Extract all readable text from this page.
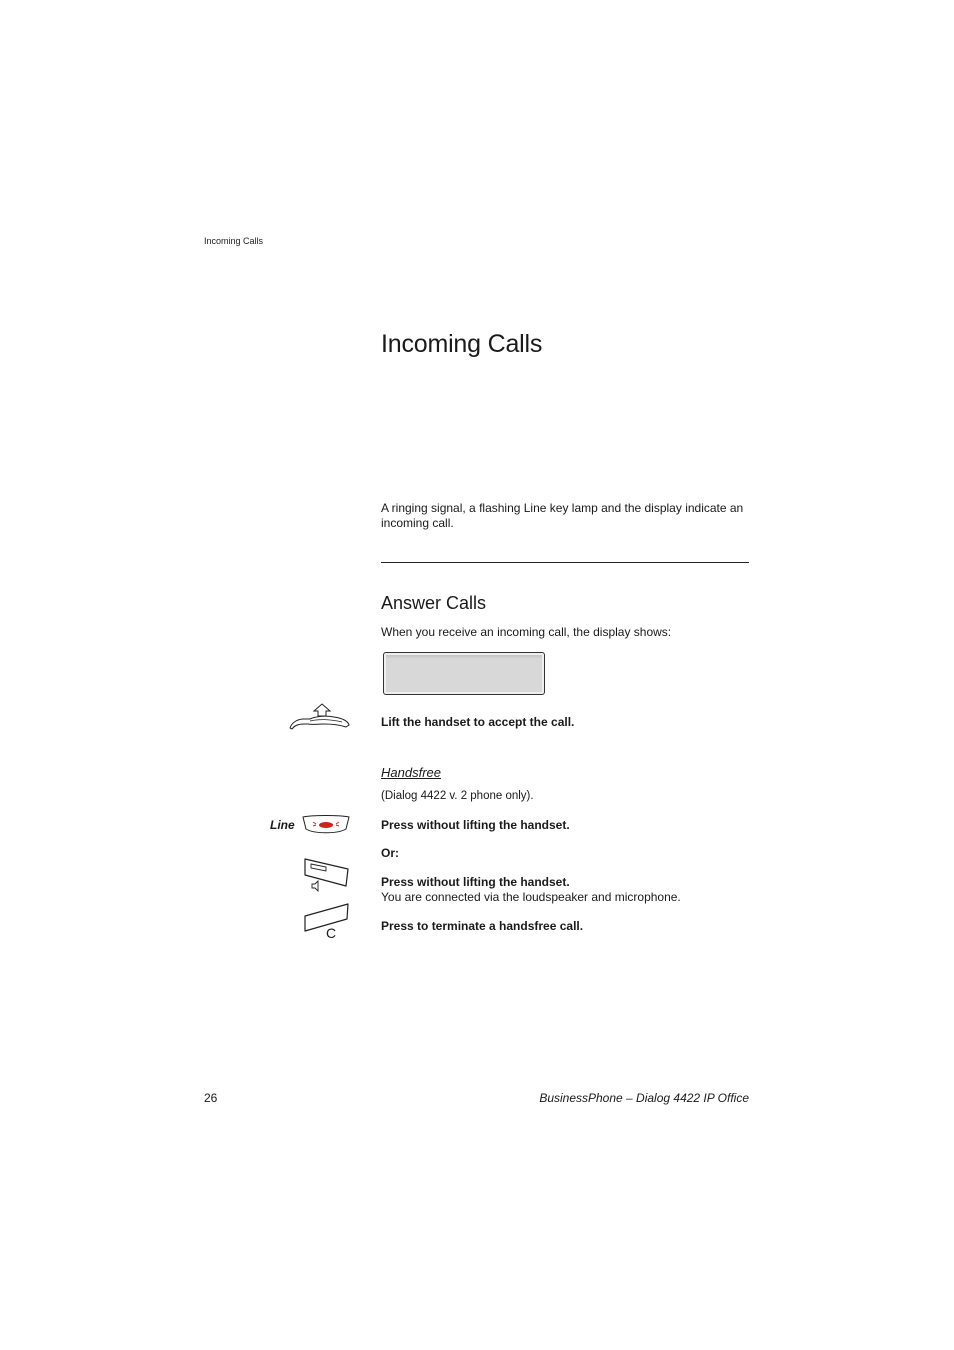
Incoming Calls
Incoming Calls
A ringing signal, a flashing Line key lamp and the display indicate an incoming call.
Answer Calls
When you receive an incoming call, the display shows:
Lift the handset to accept the call.
Handsfree
(Dialog 4422 v. 2 phone only).
Line	Press without lifting the handset.
Or:
Press without lifting the handset.
You are connected via the loudspeaker and microphone.
C	Press to terminate a handsfree call.
26	BusinessPhone – Dialog 4422 IP Office
